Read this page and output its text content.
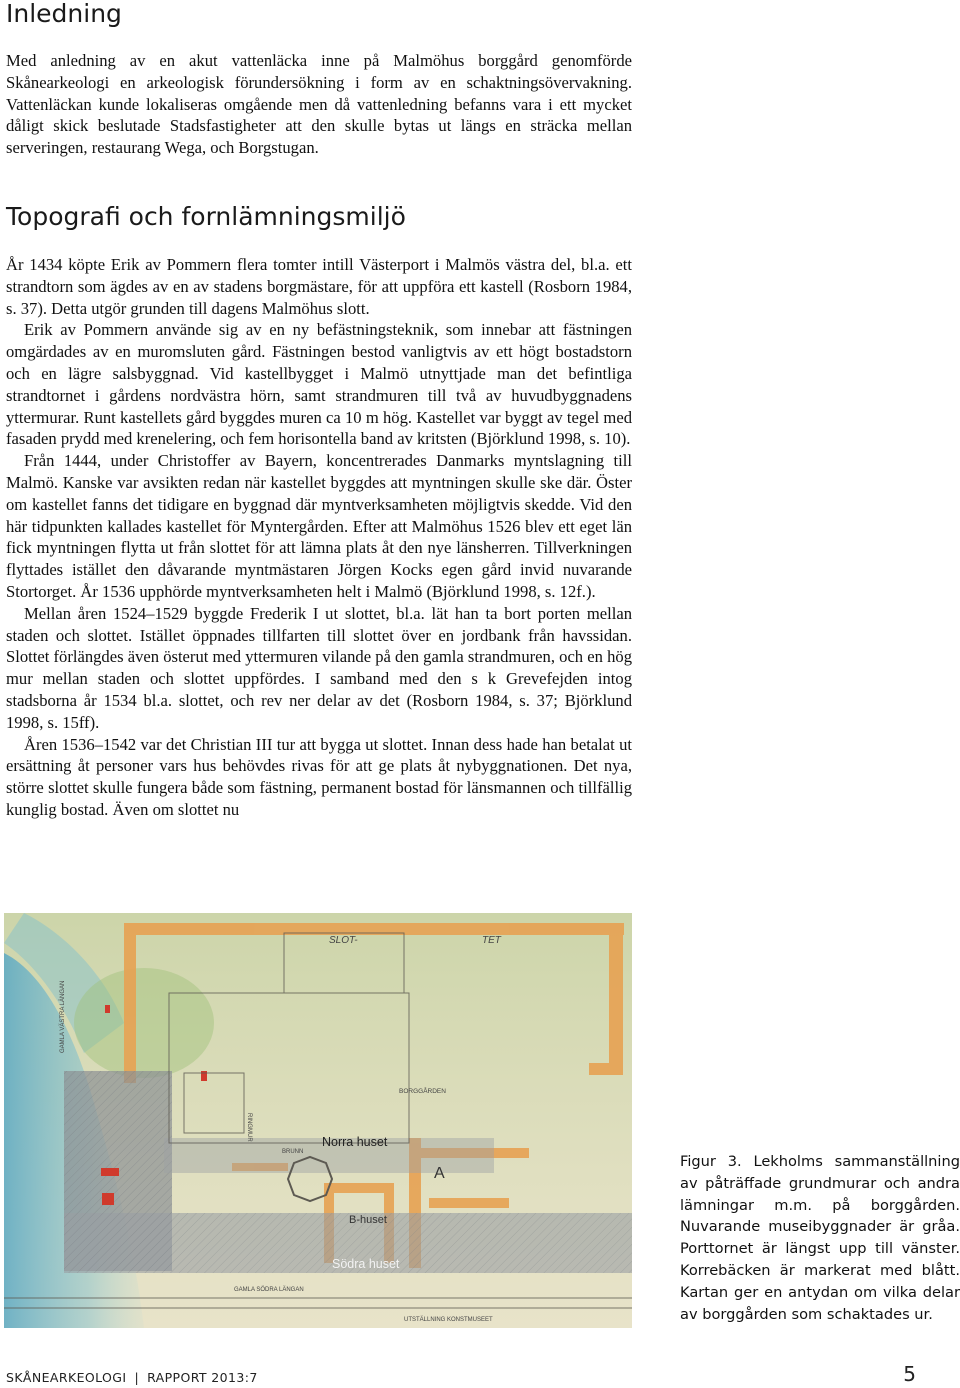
Inledning

Med anledning av en akut vattenläcka inne på Malmöhus borggård genomförde Skånearkeologi en arkeologisk förundersökning i form av en schaktningsövervakning. Vattenläckan kunde lokaliseras omgående men då vattenledning befanns vara i ett mycket dåligt skick beslutade Stadsfastigheter att den skulle bytas ut längs en sträcka mellan serveringen, restaurang Wega, och Borgstugan.

Topografi och fornlämningsmiljö
År 1434 köpte Erik av Pommern flera tomter intill Västerport i Malmös västra del, bl.a. ett strandtorn som ägdes av en av stadens borgmästare, för att uppföra ett kastell (Rosborn 1984, s. 37). Detta utgör grunden till dagens Malmöhus slott.
Erik av Pommern använde sig av en ny befästningsteknik, som innebar att fästningen omgärdades av en muromsluten gård. Fästningen bestod vanligtvis av ett högt bostadstorn och en lägre salsbyggnad. Vid kastellbygget i Malmö utnyttjade man det befintliga strandtornet i gårdens nordvästra hörn, samt strandmuren till två av huvudbyggnadens yttermurar. Runt kastellets gård byggdes muren ca 10 m hög. Kastellet var byggt av tegel med fasaden prydd med krenelering, och fem horisontella band av kritsten (Björklund 1998, s. 10).
Från 1444, under Christoffer av Bayern, koncentrerades Danmarks myntslagning till Malmö. Kanske var avsikten redan när kastellet byggdes att myntningen skulle ske där. Öster om kastellet fanns det tidigare en byggnad där myntverksamheten möjligtvis skedde. Vid den här tidpunkten kallades kastellet för Myntergården. Efter att Malmöhus 1526 blev ett eget län fick myntningen flytta ut från slottet för att lämna plats åt den nye länsherren. Tillverkningen flyttades istället den dåvarande myntmästaren Jörgen Kocks egen gård invid nuvarande Stortorget. År 1536 upphörde myntverksamheten helt i Malmö (Björklund 1998, s. 12f.).
Mellan åren 1524–1529 byggde Frederik I ut slottet, bl.a. lät han ta bort porten mellan staden och slottet. Istället öppnades tillfarten till slottet över en jordbank från havssidan. Slottet förlängdes även österut med yttermuren vilande på den gamla strandmuren, och en hög mur mellan staden och slottet uppfördes. I samband med den s k Grevefejden intog stadsborna år 1534 bl.a. slottet, och rev ner delar av det (Rosborn 1984, s. 37; Björklund 1998, s. 15ff).
Åren 1536–1542 var det Christian III tur att bygga ut slottet. Innan dess hade han betalat ut ersättning åt personer vars hus behövdes rivas för att ge plats åt nybyggnationen. Det nya, större slottet skulle fungera både som fästning, permanent bostad för länsmannen och tillfällig kunglig bostad. Även om slottet nu
Norra huset
Södra huset
B-huset
A
SLOT-	TET
BORGGÅRDEN
RINGMUR
BRUNN
GAMLA VÄSTRA LÄNGAN
GAMLA SÖDRA LÄNGAN
UTSTÄLLNING KONSTMUSEET

Figur 3. Lekholms sammanställning av påträffade grundmurar och andra lämningar m.m. på borggården. Nuvarande museibyggnader är gråa. Porttornet är längst upp till vänster. Korrebäcken är markerat med blått. Kartan ger en antydan om vilka delar av borggården som schaktades ur.

SKÅNEARKEOLOGI | RAPPORT 2013:7	5
